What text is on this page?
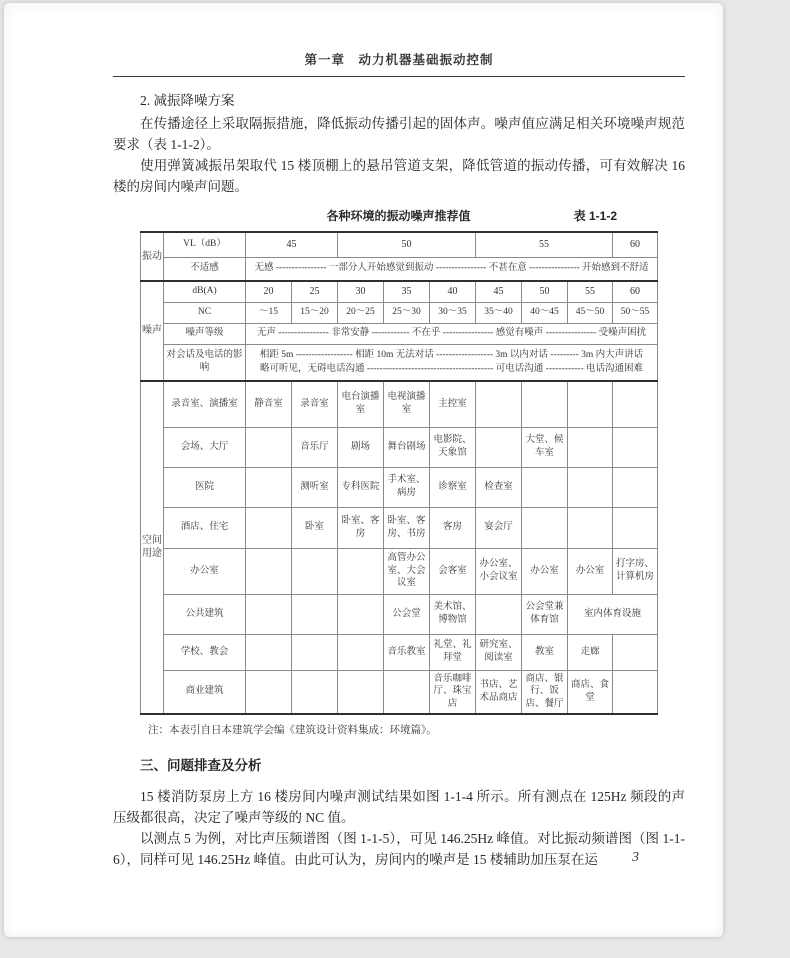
第一章　动力机器基础振动控制

2. 减振降噪方案

在传播途径上采取隔振措施，降低振动传播引起的固体声。噪声值应满足相关环境噪声规范要求（表 1-1-2）。

使用弹簧减振吊架取代 15 楼顶棚上的悬吊管道支架，降低管道的振动传播，可有效解决 16 楼的房间内噪声问题。

各种环境的振动噪声推荐值	表 1-1-2
振动	VL（dB）	45		50			55			60
	不适感	无感 ---------------- 一部分人开始感觉到振动 ---------------- 不甚在意 ---------------- 开始感到不舒适								
噪声	dB(A)	20	25	30	35	40	45	50	55	60
	NC	～15	15～20	20～25	25～30	30～35	35～40	40～45	45～50	50～55
	噪声等级	无声 ---------------- 非常安静 ------------ 不在乎 ---------------- 感觉有噪声 ---------------- 受噪声困扰								
	对会话及电话的影响	相距 5m ------------------ 相距 10m 无法对话 ------------------ 3m 以内对话 --------- 3m 内大声讲话
略可听见，无碍电话沟通 ---------------------------------------- 可电话沟通 ------------ 电话沟通困难								

空间用途	录音室、演播室	静音室	录音室	电台演播室	电视演播室	主控室				
	会场、大厅		音乐厅	剧场	舞台剧场	电影院、天象馆		大堂、候车室		
	医院		测听室	专科医院	手术室、病房	诊察室	检查室			
	酒店、住宅		卧室	卧室、客房	卧室、客房、书房	客房	宴会厅			
	办公室				高管办公室、大会议室	会客室	办公室、小会议室	办公室	办公室	打字房、计算机房
	公共建筑				公会堂	美术馆、博物馆		公会堂兼体育馆	室内体育设施	
	学校、教会				音乐教室	礼堂、礼拜堂	研究室、阅读室	教室	走廊	
	商业建筑					音乐咖啡厅、珠宝店	书店、艺术品商店	商店、银行、饭店、餐厅	商店、食堂	

注：本表引自日本建筑学会编《建筑设计资料集成：环境篇》。

三、问题排查及分析

15 楼消防泵房上方 16 楼房间内噪声测试结果如图 1-1-4 所示。所有测点在 125Hz 频段的声压级都很高，决定了噪声等级的 NC 值。

以测点 5 为例，对比声压频谱图（图 1-1-5），可见 146.25Hz 峰值。对比振动频谱图（图 1-1-6），同样可见 146.25Hz 峰值。由此可认为，房间内的噪声是 15 楼辅助加压泵在运	3
